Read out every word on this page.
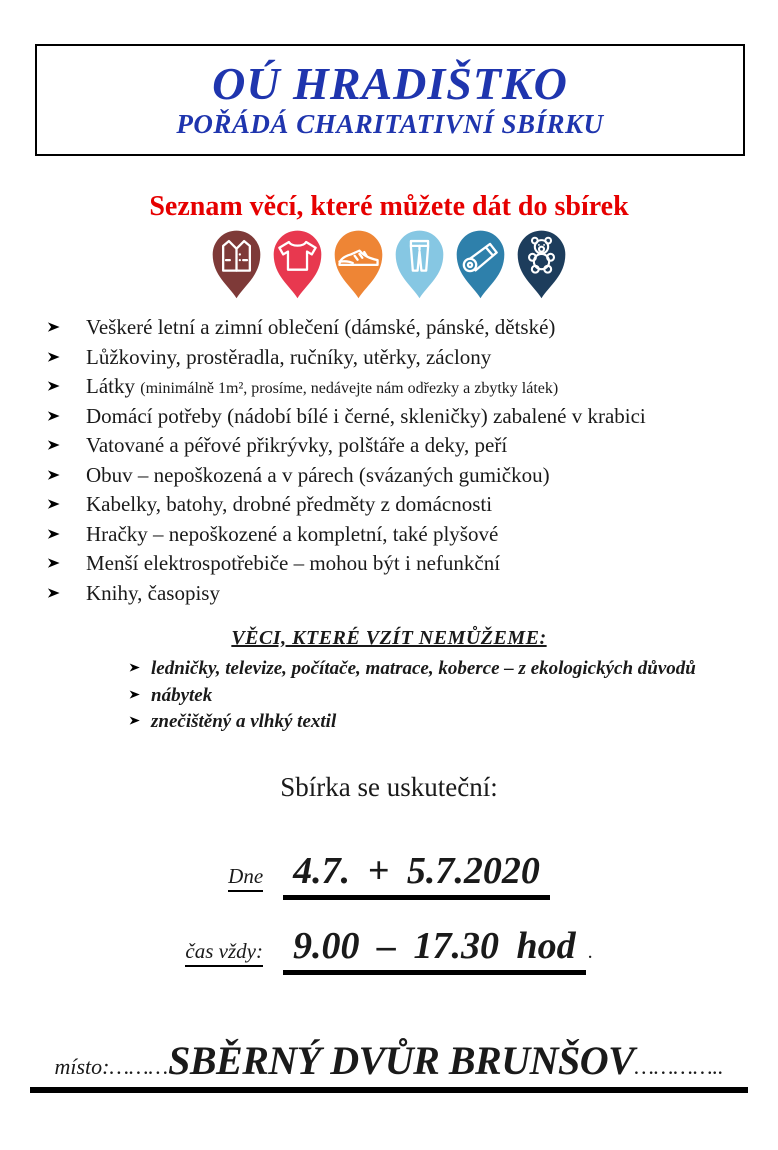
OÚ HRADIŠTKO
POŘÁDÁ CHARITATIVNÍ SBÍRKU
Seznam věcí, které můžete dát do sbírek
Veškeré letní a zimní oblečení (dámské, pánské, dětské)
Lůžkoviny, prostěradla, ručníky, utěrky, záclony
Látky (minimálně 1m², prosíme, nedávejte nám odřezky a zbytky látek)
Domácí potřeby (nádobí bílé i černé, skleničky) zabalené v krabici
Vatované a péřové přikrývky, polštáře a deky, peří
Obuv – nepoškozená a v párech (svázaných gumičkou)
Kabelky, batohy, drobné předměty z domácnosti
Hračky – nepoškozené a kompletní, také plyšové
Menší elektrospotřebiče – mohou být i nefunkční
Knihy, časopisy
VĚCI, KTERÉ VZÍT NEMŮŽEME:
ledničky, televize, počítače, matrace, koberce – z ekologických důvodů
nábytek
znečištěný a vlhký textil
Sbírka se uskuteční:
Dne 4.7. + 5.7.2020
čas vždy: 9.00 – 17.30 hod .
místo: ……… SBĚRNÝ DVŮR BRUNŠOV …………..
